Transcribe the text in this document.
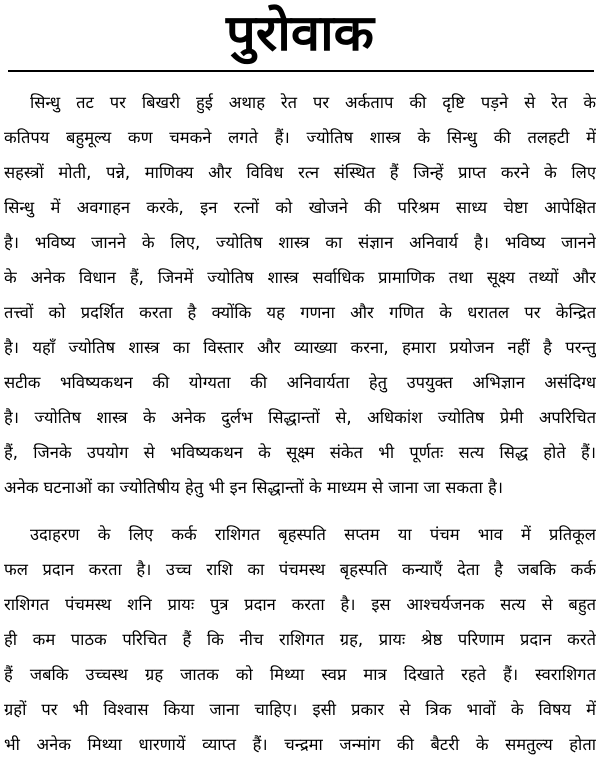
पुरोवाक
सिन्धु तट पर बिखरी हुई अथाह रेत पर अर्कताप की दृष्टि पड़ने से रेत के
कतिपय बहुमूल्य कण चमकने लगते हैं। ज्योतिष शास्त्र के सिन्धु की तलहटी में
सहस्त्रों मोती, पन्ने, माणिक्य और विविध रत्न संस्थित हैं जिन्हें प्राप्त करने के लिए
सिन्धु में अवगाहन करके, इन रत्नों को खोजने की परिश्रम साध्य चेष्टा आपेक्षित
है। भविष्य जानने के लिए, ज्योतिष शास्त्र का संज्ञान अनिवार्य है। भविष्य जानने
के अनेक विधान हैं, जिनमें ज्योतिष शास्त्र सर्वाधिक प्रामाणिक तथा सूक्ष्य तथ्यों और
तत्त्वों को प्रदर्शित करता है क्योंकि यह गणना और गणित के धरातल पर केन्द्रित
है। यहाँ ज्योतिष शास्त्र का विस्तार और व्याख्या करना, हमारा प्रयोजन नहीं है परन्तु
सटीक भविष्यकथन की योग्यता की अनिवार्यता हेतु उपयुक्त अभिज्ञान असंदिग्ध
है। ज्योतिष शास्त्र के अनेक दुर्लभ सिद्धान्तों से, अधिकांश ज्योतिष प्रेमी अपरिचित
हैं, जिनके उपयोग से भविष्यकथन के सूक्ष्म संकेत भी पूर्णतः सत्य सिद्ध होते हैं।
अनेक घटनाओं का ज्योतिषीय हेतु भी इन सिद्धान्तों के माध्यम से जाना जा सकता है।
उदाहरण के लिए कर्क राशिगत बृहस्पति सप्तम या पंचम भाव में प्रतिकूल
फल प्रदान करता है। उच्च राशि का पंचमस्थ बृहस्पति कन्याएँ देता है जबकि कर्क
राशिगत पंचमस्थ शनि प्रायः पुत्र प्रदान करता है। इस आश्चर्यजनक सत्य से बहुत
ही कम पाठक परिचित हैं कि नीच राशिगत ग्रह, प्रायः श्रेष्ठ परिणाम प्रदान करते
हैं जबकि उच्चस्थ ग्रह जातक को मिथ्या स्वप्न मात्र दिखाते रहते हैं। स्वराशिगत
ग्रहों पर भी विश्वास किया जाना चाहिए। इसी प्रकार से त्रिक भावों के विषय में
भी अनेक मिथ्या धारणायें व्याप्त हैं। चन्द्रमा जन्मांग की बैटरी के समतुल्य होता
